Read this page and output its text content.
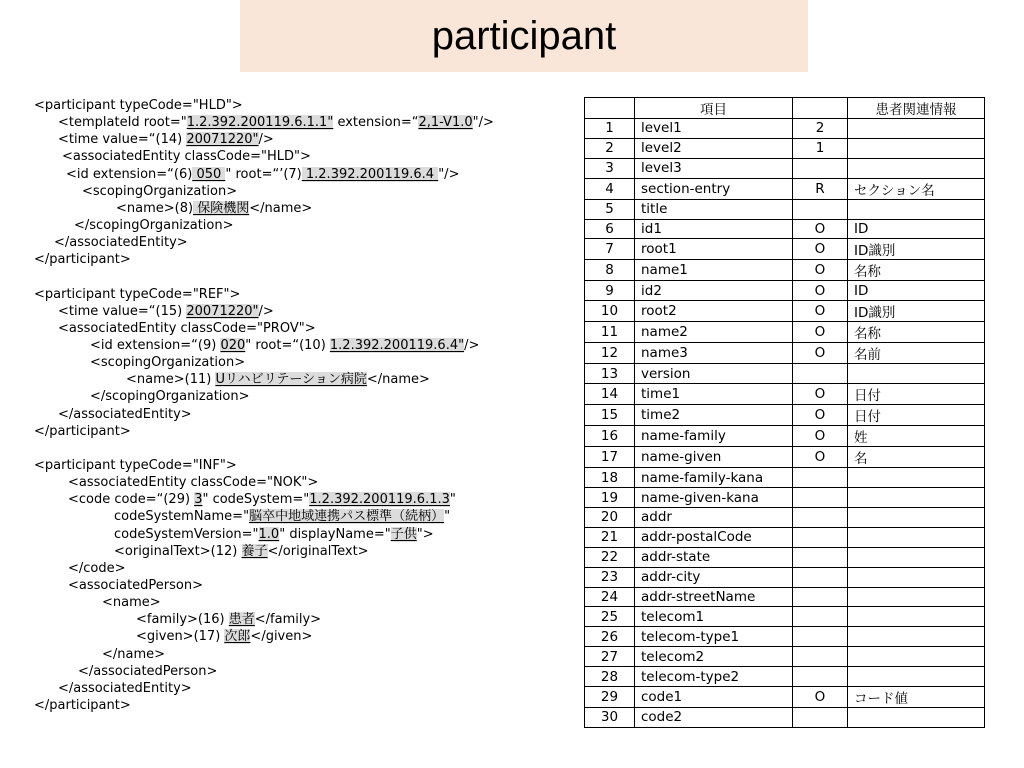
participant
<participant typeCode="HLD">
<templateId root="1.2.392.200119.6.1.1" extension=“2,1-V1.0"/>
<time value=“(14) 20071220"/>
<associatedEntity classCode="HLD">
<id extension=“(6) 050 " root=“’(7) 1.2.392.200119.6.4 "/>
<scopingOrganization>
<name>(8) 保険機関</name>
</scopingOrganization>
</associatedEntity>
</participant>
<participant typeCode="REF">
<time value=“(15) 20071220"/>
<associatedEntity classCode="PROV">
<id extension=“(9) 020" root=“(10) 1.2.392.200119.6.4"/>
<scopingOrganization>
<name>(11) Uリハビリテーション病院</name>
</scopingOrganization>
</associatedEntity>
</participant>
<participant typeCode="INF">
<associatedEntity classCode="NOK">
<code code=“(29) 3" codeSystem="1.2.392.200119.6.1.3"
codeSystemName="脳卒中地域連携パス標準（続柄）"
codeSystemVersion="1.0" displayName="子供">
<originalText>(12) 養子</originalText>
</code>
<associatedPerson>
<name>
<family>(16) 患者</family>
<given>(17) 次郎</given>
</name>
</associatedPerson>
</associatedEntity>
</participant>
	項目		患者関連情報
1	level1	2	
2	level2	1	
3	level3		
4	section-entry	R	セクション名
5	title		
6	id1	O	ID
7	root1	O	ID識別
8	name1	O	名称
9	id2	O	ID
10	root2	O	ID識別
11	name2	O	名称
12	name3	O	名前
13	version		
14	time1	O	日付
15	time2	O	日付
16	name-family	O	姓
17	name-given	O	名
18	name-family-kana		
19	name-given-kana		
20	addr		
21	addr-postalCode		
22	addr-state		
23	addr-city		
24	addr-streetName		
25	telecom1		
26	telecom-type1		
27	telecom2		
28	telecom-type2		
29	code1	O	コード値
30	code2		
